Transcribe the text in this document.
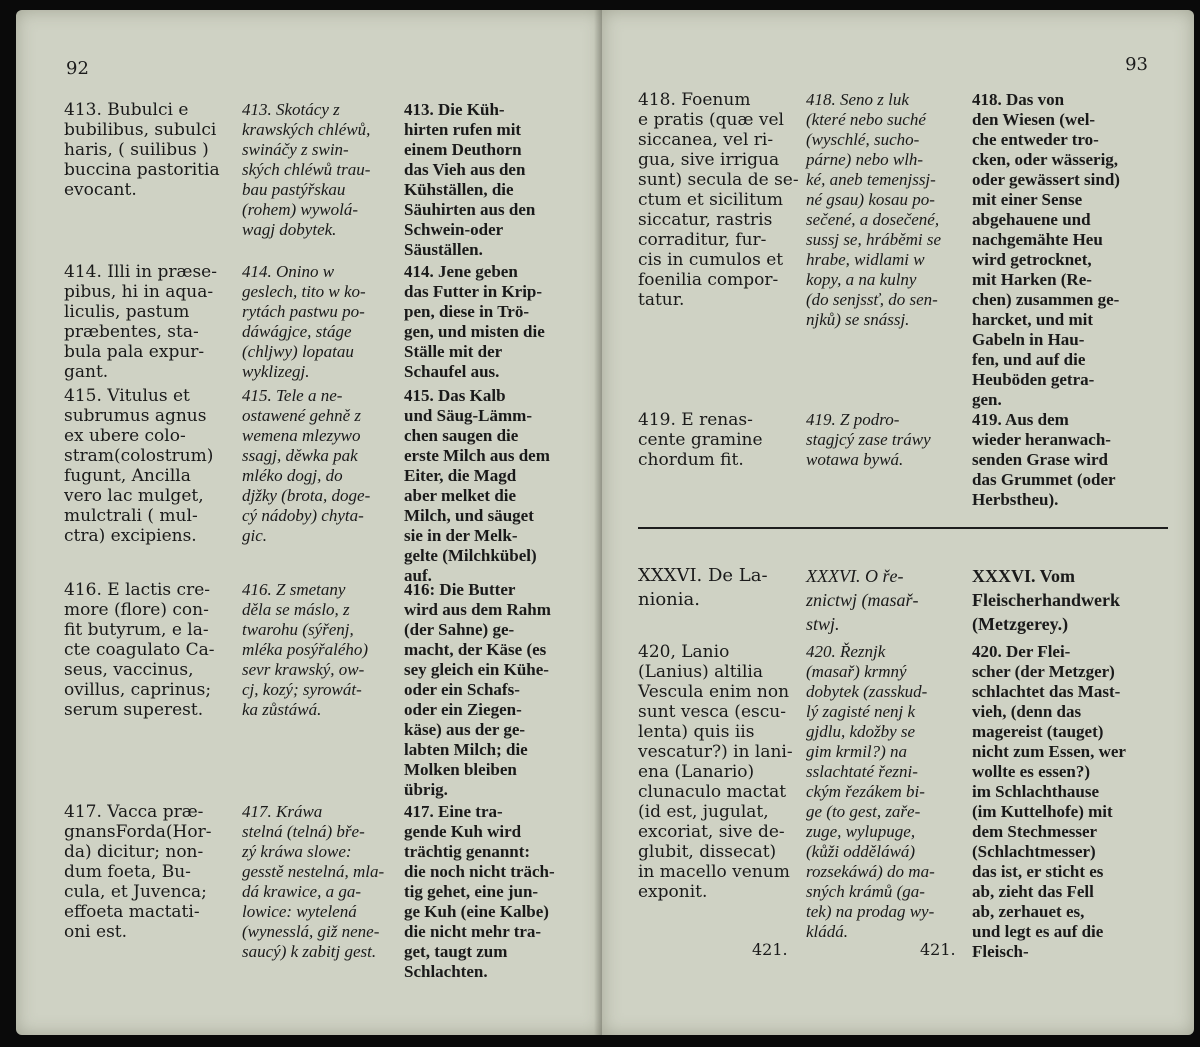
92
413. Bubulci e
bubilibus, subulci
haris, ( suilibus )
buccina pastoritia
evocant.
413. Skotácy z
krawských chléwů,
swináčy z swin-
ských chléwů trau-
bau pastýřskau
(rohem) wywolá-
wagj dobytek.
413. Die Küh-
hirten rufen mit
einem Deuthorn
das Vieh aus den
Kühställen, die
Säuhirten aus den
Schwein-oder
Säuställen.
414. Illi in præse-
pibus, hi in aqua-
liculis, pastum
præbentes, sta-
bula pala expur-
gant.
414. Onino w
geslech, tito w ko-
rytách pastwu po-
dáwágjce, stáge
(chljwy) lopatau
wyklizegj.
414. Jene geben
das Futter in Krip-
pen, diese in Trö-
gen, und misten die
Ställe mit der
Schaufel aus.
415. Vitulus et
subrumus agnus
ex ubere colo-
stram(colostrum)
fugunt, Ancilla
vero lac mulget,
mulctrali ( mul-
ctra) excipiens.
415. Tele a ne-
ostawené gehně z
wemena mlezywo
ssagj, děwka pak
mléko dogj, do
djžky (brota, doge-
cý nádoby) chyta-
gic.
415. Das Kalb
und Säug-Lämm-
chen saugen die
erste Milch aus dem
Eiter, die Magd
aber melket die
Milch, und säuget
sie in der Melk-
gelte (Milchkübel)
auf.
416. E lactis cre-
more (flore) con-
fit butyrum, e la-
cte coagulato Ca-
seus, vaccinus,
ovillus, caprinus;
serum superest.
416. Z smetany
děla se máslo, z
twarohu (sýřenj,
mléka posýřalého)
sevr krawský, ow-
cj, kozý; syrowát-
ka zůstáwá.
416: Die Butter
wird aus dem Rahm
(der Sahne) ge-
macht, der Käse (es
sey gleich ein Kühe-
oder ein Schafs-
oder ein Ziegen-
käse) aus der ge-
labten Milch; die
Molken bleiben
übrig.
417. Vacca præ-
gnansForda(Hor-
da) dicitur; non-
dum foeta, Bu-
cula, et Juvenca;
effoeta mactati-
oni est.
417. Kráwa
stelná (telná) bře-
zý kráwa slowe:
gesstě nestelná, mla-
dá krawice, a ga-
lowice: wytelená
(wynesslá, giž nene-
saucý) k zabitj gest.
417. Eine tra-
gende Kuh wird
trächtig genannt:
die noch nicht träch-
tig gehet, eine jun-
ge Kuh (eine Kalbe)
die nicht mehr tra-
get, taugt zum
Schlachten.
93
418. Foenum
e pratis (quæ vel
siccanea, vel ri-
gua, sive irrigua
sunt) secula de se-
ctum et sicilitum
siccatur, rastris
corraditur, fur-
cis in cumulos et
foenilia compor-
tatur.
418. Seno z luk
(které nebo suché
(wyschlé, sucho-
párne) nebo wlh-
ké, aneb temenjssj-
né gsau) kosau po-
sečené, a dosečené,
sussj se, hráběmi se
hrabe, widlami w
kopy, a na kulny
(do senjssť, do sen-
njků) se snássj.
418. Das von
den Wiesen (wel-
che entweder tro-
cken, oder wässerig,
oder gewässert sind)
mit einer Sense
abgehauene und
nachgemähte Heu
wird getrocknet,
mit Harken (Re-
chen) zusammen ge-
harcket, und mit
Gabeln in Hau-
fen, und auf die
Heuböden getra-
gen.
419. E renas-
cente gramine
chordum fit.
419. Z podro-
stagjcý zase tráwy
wotawa bywá.
419. Aus dem
wieder heranwach-
senden Grase wird
das Grummet (oder
Herbstheu).
XXXVI. De La-
nionia.
XXXVI. O ře-
znictwj (masař-
stwj.
XXXVI. Vom
Fleischerhandwerk
(Metzgerey.)
420, Lanio
(Lanius) altilia
Vescula enim non
sunt vesca (escu-
lenta) quis iis
vescatur?) in lani-
ena (Lanario)
clunaculo mactat
(id est, jugulat,
excoriat, sive de-
glubit, dissecat)
in macello venum
exponit.
420. Řeznjk
(masař) krmný
dobytek (zasskud-
lý zagisté nenj k
gjdlu, kdožby se
gim krmil?) na
sslachtaté řezni-
ckým řezákem bi-
ge (to gest, zaře-
zuge, wylupuge,
(kůži odděláwá)
rozsekáwá) do ma-
sných krámů (ga-
tek) na prodag wy-
kládá.
420. Der Flei-
scher (der Metzger)
schlachtet das Mast-
vieh, (denn das
magereist (tauget)
nicht zum Essen, wer
wollte es essen?)
im Schlachthause
(im Kuttelhofe) mit
dem Stechmesser
(Schlachtmesser)
das ist, er sticht es
ab, zieht das Fell
ab, zerhauet es,
und legt es auf die
Fleisch-
421.	421.
